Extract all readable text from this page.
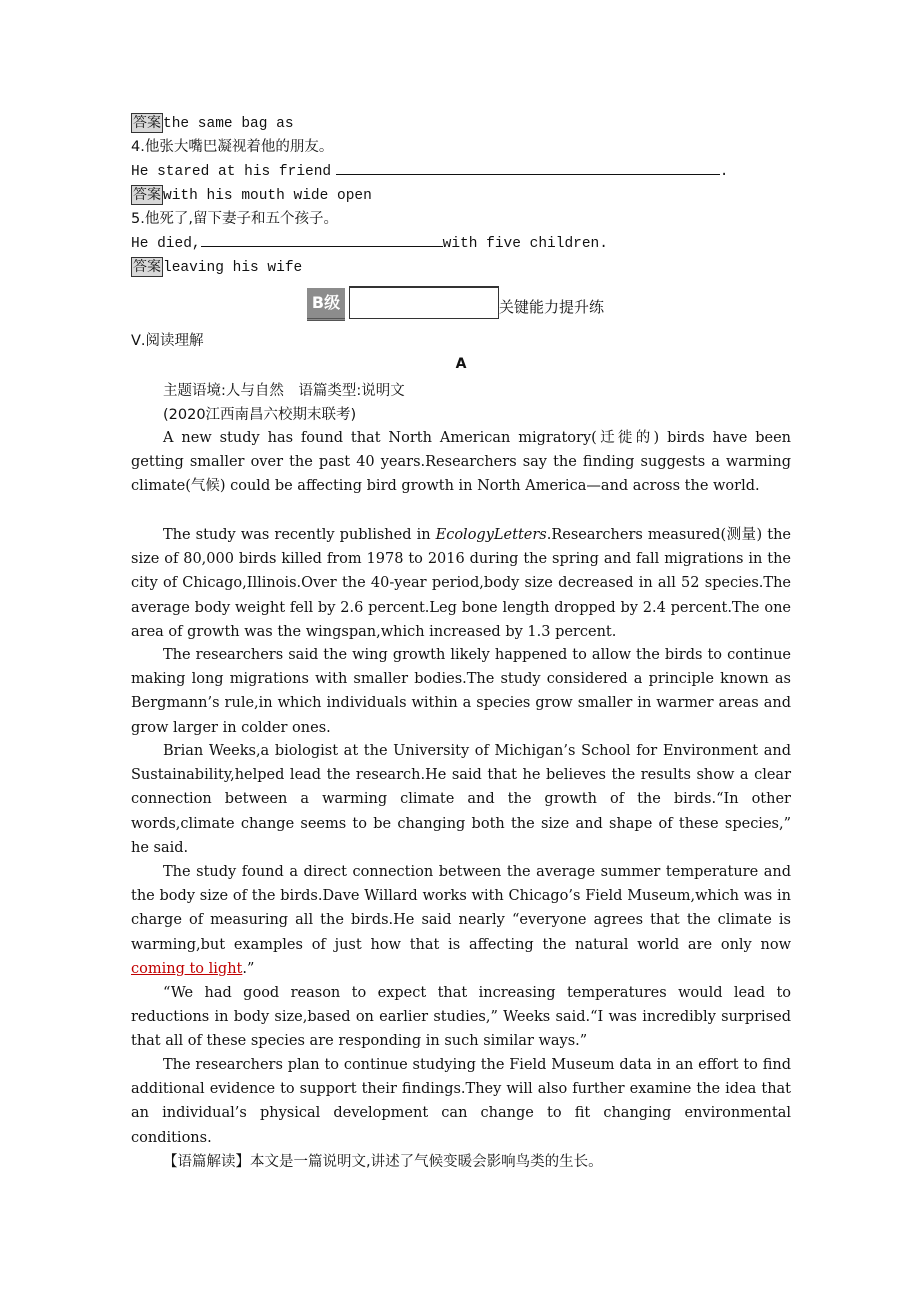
答案 the same bag as
4.他张大嘴巴凝视着他的朋友。
He stared at his friend	.
答案 with his mouth wide open
5.他死了,留下妻子和五个孩子。
He died,	with five children.
答案 leaving his wife
B级	关键能力提升练
Ⅴ.阅读理解
A
主题语境:人与自然　语篇类型:说明文
(2020江西南昌六校期末联考)

A new study has found that North American migratory(迁徙的) birds have been getting smaller over the past 40 years.Researchers say the finding suggests a warming climate(气候) could be affecting bird growth in North America—and across the world.

The study was recently published in EcologyLetters.Researchers measured(测量) the size of 80,000 birds killed from 1978 to 2016 during the spring and fall migrations in the city of Chicago,Illinois.Over the 40-year period,body size decreased in all 52 species.The average body weight fell by 2.6 percent.Leg bone length dropped by 2.4 percent.The one area of growth was the wingspan,which increased by 1.3 percent.

The researchers said the wing growth likely happened to allow the birds to continue making long migrations with smaller bodies.The study considered a principle known as Bergmann’s rule,in which individuals within a species grow smaller in warmer areas and grow larger in colder ones.

Brian Weeks,a biologist at the University of Michigan’s School for Environment and Sustainability,helped lead the research.He said that he believes the results show a clear connection between a warming climate and the growth of the birds.“In other words,climate change seems to be changing both the size and shape of these species,” he said.

The study found a direct connection between the average summer temperature and the body size of the birds.Dave Willard works with Chicago’s Field Museum,which was in charge of measuring all the birds.He said nearly “everyone agrees that the climate is warming,but examples of just how that is affecting the natural world are only now coming to light.”

“We had good reason to expect that increasing temperatures would lead to reductions in body size,based on earlier studies,” Weeks said.“I was incredibly surprised that all of these species are responding in such similar ways.”

The researchers plan to continue studying the Field Museum data in an effort to find additional evidence to support their findings.They will also further examine the idea that an individual’s physical development can change to fit changing environmental conditions.

【语篇解读】本文是一篇说明文,讲述了气候变暖会影响鸟类的生长。
